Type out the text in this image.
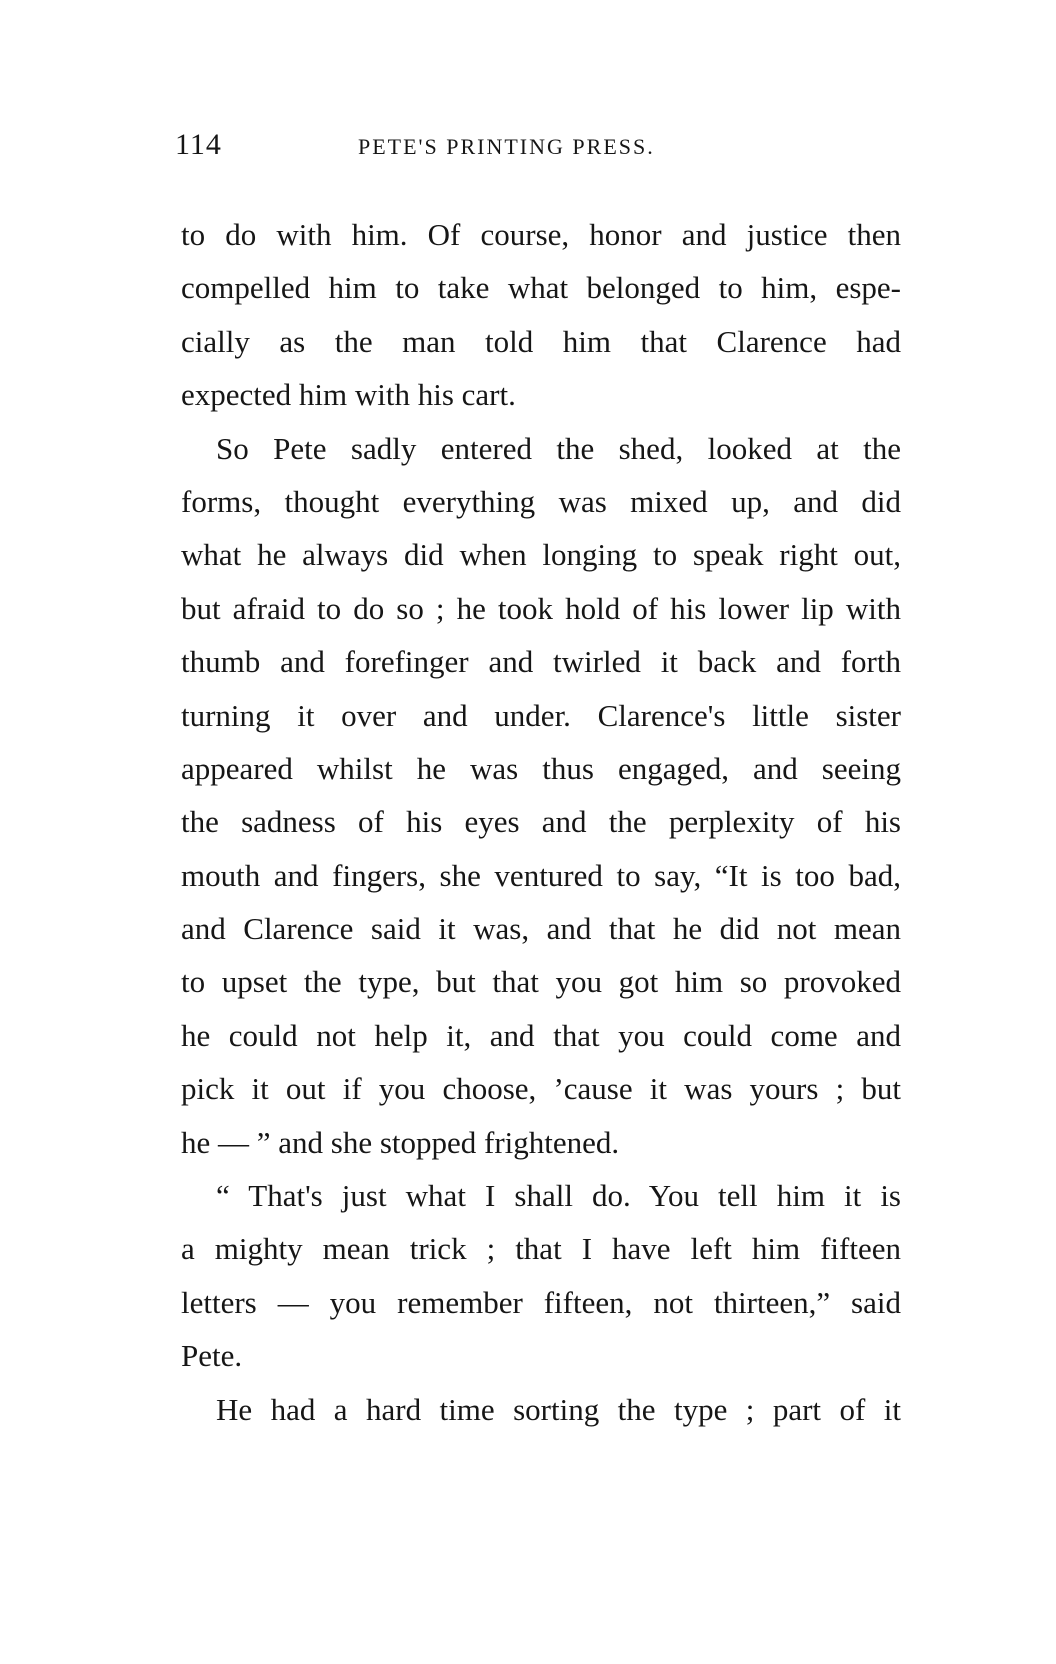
114	PETE'S PRINTING PRESS.
to do with him. Of course, honor and justice then
compelled him to take what belonged to him, espe-
cially as the man told him that Clarence had
expected him with his cart.
So Pete sadly entered the shed, looked at the
forms, thought everything was mixed up, and did
what he always did when longing to speak right out,
but afraid to do so ; he took hold of his lower lip with
thumb and forefinger and twirled it back and forth
turning it over and under. Clarence's little sister
appeared whilst he was thus engaged, and seeing
the sadness of his eyes and the perplexity of his
mouth and fingers, she ventured to say, “It is too bad,
and Clarence said it was, and that he did not mean
to upset the type, but that you got him so provoked
he could not help it, and that you could come and
pick it out if you choose, ’cause it was yours ; but
he — ” and she stopped frightened.
“ That's just what I shall do. You tell him it is
a mighty mean trick ; that I have left him fifteen
letters — you remember fifteen, not thirteen,” said
Pete.
He had a hard time sorting the type ; part of it
